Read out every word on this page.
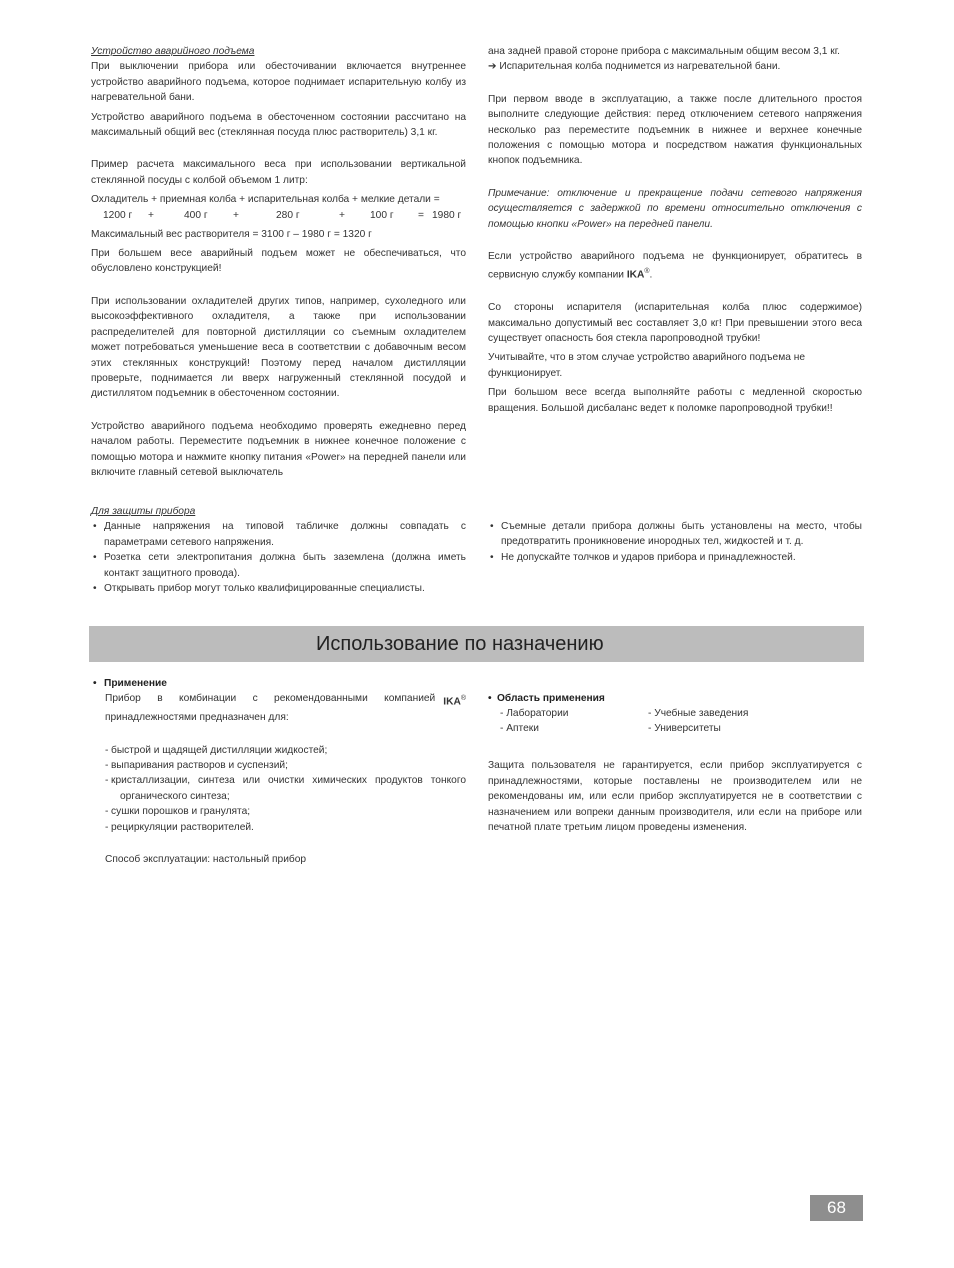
Устройство аварийного подъема

При выключении прибора или обесточивании включается внутреннее устройство аварийного подъема, которое поднимает испарительную колбу из нагревательной бани.

Устройство аварийного подъема в обесточенном состоянии рассчитано на максимальный общий вес (стеклянная посуда плюс растворитель) 3,1 кг.

Пример расчета максимального веса при использовании вертикальной стеклянной посуды с колбой объемом 1 литр:

Охладитель + приемная колба + испарительная колба + мелкие детали =

1200 г +	400 г +	280 г	+ 100 г = 1980 г

Максимальный вес растворителя = 3100 г – 1980 г = 1320 г

При большем весе аварийный подъем может не обеспечиваться, что обусловлено конструкцией!

При использовании охладителей других типов, например, сухоледного или высокоэффективного охладителя, а также при использовании распределителей для повторной дистилляции со съемным охладителем может потребоваться уменьшение веса в соответствии с добавочным весом этих стеклянных конструкций! Поэтому перед началом дистилляции проверьте, поднимается ли вверх нагруженный стеклянной посудой и дистиллятом подъемник в обесточенном состоянии.

Устройство аварийного подъема необходимо проверять ежедневно перед началом работы. Переместите подъемник в нижнее конечное положение с помощью мотора и нажмите кнопку питания «Power» на передней панели или включите главный сетевой выключатель

ана задней правой стороне прибора с максимальным общим весом 3,1 кг.

➔ Испарительная колба поднимется из нагревательной бани.

При первом вводе в эксплуатацию, а также после длительного простоя выполните следующие действия: перед отключением сетевого напряжения несколько раз переместите подъемник в нижнее и верхнее конечные положения с помощью мотора и посредством нажатия функциональных кнопок подъемника.

Примечание: отключение и прекращение подачи сетевого напряжения осуществляется с задержкой по времени относительно отключения с помощью кнопки «Power» на передней панели.

Если устройство аварийного подъема не функционирует, обратитесь в сервисную службу компании IKA®.

Со стороны испарителя (испарительная колба плюс содержимое) максимально допустимый вес составляет 3,0 кг! При превышении этого веса существует опасность боя стекла паропроводной трубки!

Учитывайте, что в этом случае устройство аварийного подъема не функционирует.

При большом весе всегда выполняйте работы с медленной скоростью вращения. Большой дисбаланс ведет к поломке паропроводной трубки!!

Для защиты прибора

• Данные напряжения на типовой табличке должны совпадать с параметрами сетевого напряжения.

• Розетка сети электропитания должна быть заземлена (должна иметь контакт защитного провода).

• Открывать прибор могут только квалифицированные специалисты.

• Съемные детали прибора должны быть установлены на место, чтобы предотвратить проникновение инородных тел, жидкостей и т. д.

• Не допускайте толчков и ударов прибора и принадлежностей.

Использование по назначению

• Применение

Прибор в комбинации с рекомендованными компанией IKA®

принадлежностями предназначен для:

- быстрой и щадящей дистилляции жидкостей;

- выпаривания растворов и суспензий;

- кристаллизации, синтеза или очистки химических продуктов тонкого органического синтеза;

- сушки порошков и гранулята;

- рециркуляции растворителей.

Способ эксплуатации: настольный прибор

• Область применения

- Лаборатории

- Аптеки

- Учебные заведения

- Университеты

Защита пользователя не гарантируется, если прибор эксплуатируется с принадлежностями, которые поставлены не производителем или не рекомендованы им, или если прибор эксплуатируется не в соответствии с назначением или вопреки данным производителя, или если на приборе или печатной плате третьим лицом проведены изменения.

68
